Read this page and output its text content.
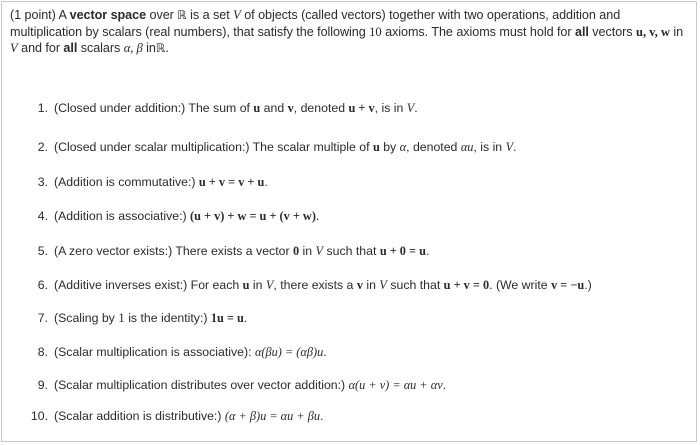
(1 point) A vector space over ℝ is a set V of objects (called vectors) together with two operations, addition and multiplication by scalars (real numbers), that satisfy the following 10 axioms. The axioms must hold for all vectors u, v, w in V and for all scalars α, β inℝ.
1. (Closed under addition:) The sum of u and v, denoted u + v, is in V.
2. (Closed under scalar multiplication:) The scalar multiple of u by α, denoted αu, is in V.
3. (Addition is commutative:) u + v = v + u.
4. (Addition is associative:) (u + v) + w = u + (v + w).
5. (A zero vector exists:) There exists a vector 0 in V such that u + 0 = u.
6. (Additive inverses exist:) For each u in V, there exists a v in V such that u + v = 0. (We write v = −u.)
7. (Scaling by 1 is the identity:) 1u = u.
8. (Scalar multiplication is associative): α(βu) = (αβ)u.
9. (Scalar multiplication distributes over vector addition:) α(u + v) = αu + αv.
10. (Scalar addition is distributive:) (α + β)u = αu + βu.
